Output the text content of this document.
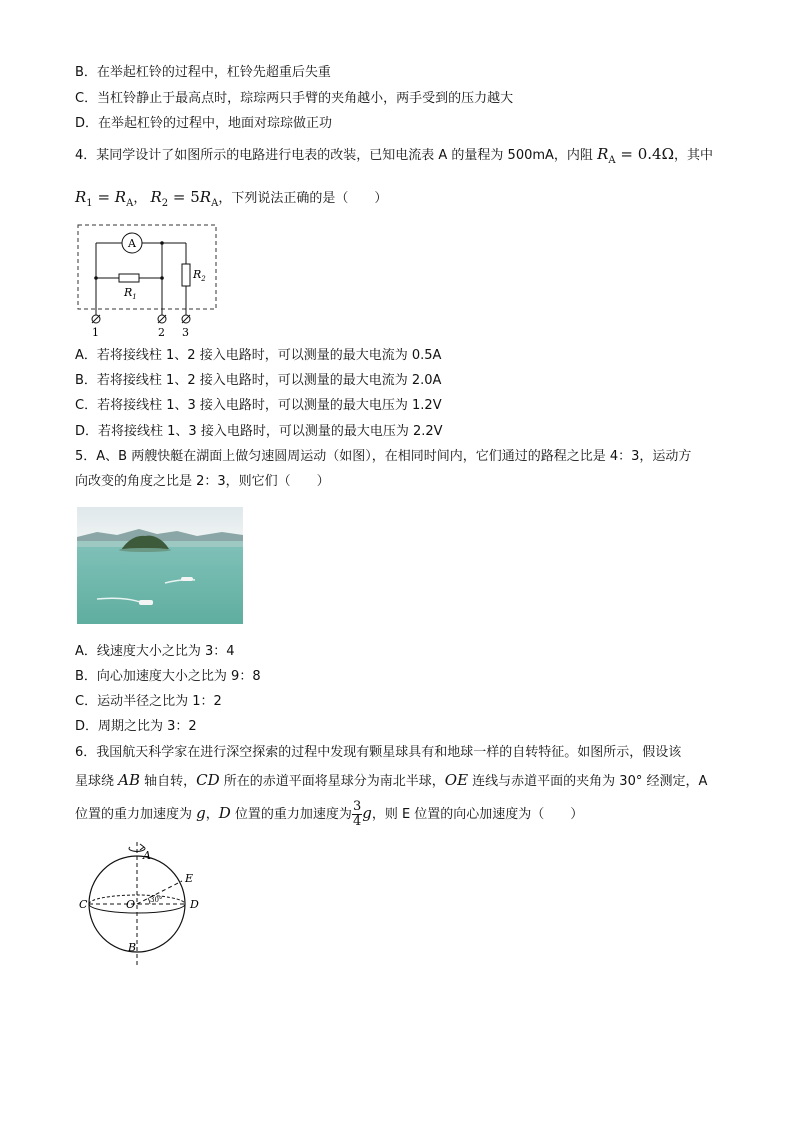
B．在举起杠铃的过程中，杠铃先超重后失重
C．当杠铃静止于最高点时，琮琮两只手臂的夹角越小，两手受到的压力越大
D．在举起杠铃的过程中，地面对琮琮做正功
4．某同学设计了如图所示的电路进行电表的改装，已知电流表 A 的量程为 500mA，内阻 $R_A = 0.4\Omega$，其中
$R_1 = R_A$， $R_2 = 5R_A$，下列说法正确的是（　　）
A
$R_1$
$R_2$
1	2 3
A．若将接线柱 1、2 接入电路时，可以测量的最大电流为 0.5A
B．若将接线柱 1、2 接入电路时，可以测量的最大电流为 2.0A
C．若将接线柱 1、3 接入电路时，可以测量的最大电压为 1.2V
D．若将接线柱 1、3 接入电路时，可以测量的最大电压为 2.2V
5．A、B 两艘快艇在湖面上做匀速圆周运动（如图），在相同时间内，它们通过的路程之比是 4：3，运动方
向改变的角度之比是 2：3，则它们（　　）
A．线速度大小之比为 3：4
B．向心加速度大小之比为 9：8
C．运动半径之比为 1：2
D．周期之比为 3：2
6．我国航天科学家在进行深空探索的过程中发现有颗星球具有和地球一样的自转特征。如图所示，假设该
星球绕 AB 轴自转，CD 所在的赤道平面将星球分为南北半球，OE 连线与赤道平面的夹角为 30° 经测定，A
位置的重力加速度为 g，D 位置的重力加速度为 $\frac{3}{4}$ g，则 E 位置的向心加速度为（　　）
30°
A
B
C	D
E
O
